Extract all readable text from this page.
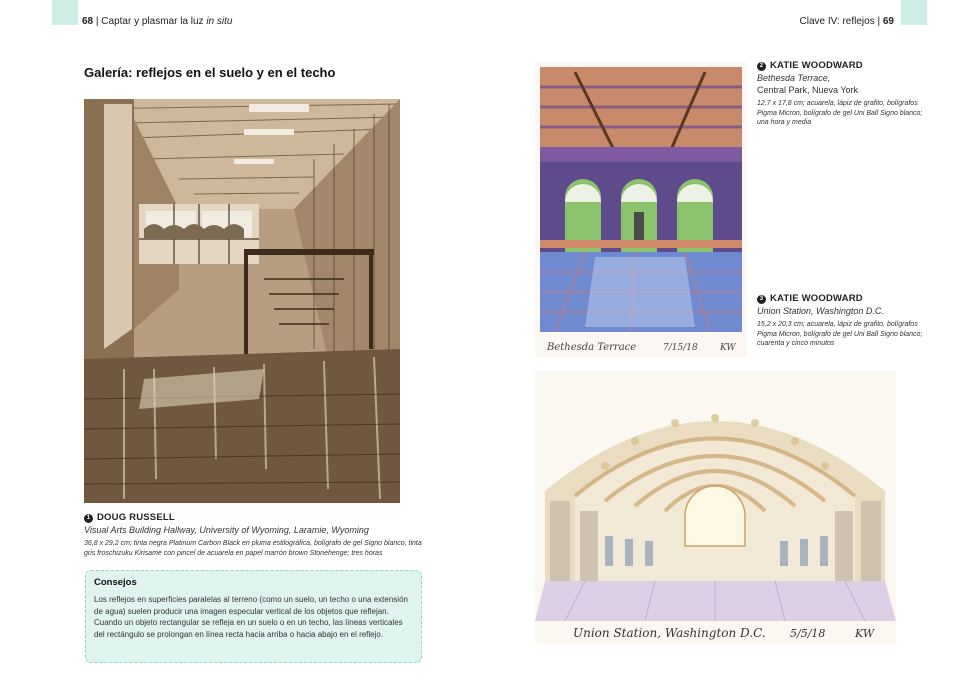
68 | Captar y plasmar la luz in situ	Clave IV: reflejos | 69
Galería: reflejos en el suelo y en el techo
1 DOUG RUSSELL
Visual Arts Building Hallway, University of Wyoming, Laramie, Wyoming
36,8 x 29,2 cm; tinta negra Platinum Carbon Black en pluma estilográfica, bolígrafo de gel Signo blanco, tinta gris froschizuku Kirisame con pincel de acuarela en papel marrón brown Stonehenge; tres horas
Consejos
Los reflejos en superficies paralelas al terreno (como un suelo, un techo o una extensión de agua) suelen producir una imagen especular vertical de los objetos que reflejan. Cuando un objeto rectangular se refleja en un suelo o en un techo, las líneas verticales del rectángulo se prolongan en línea recta hacia arriba o hacia abajo en el reflejo.
Bethesda Terrace	7/15/18 KW
2 KATIE WOODWARD
Bethesda Terrace,
Central Park, Nueva York
12,7 x 17,8 cm; acuarela, lápiz de grafito, bolígrafos Pigma Micron, bolígrafo de gel Uni Ball Signo blanco; una hora y media
3 KATIE WOODWARD
Union Station, Washington D.C.
15,2 x 20,3 cm; acuarela, lápiz de grafito, bolígrafos Pigma Micron, bolígrafo de gel Uni Ball Signo blanco; cuarenta y cinco minutos
Union Station, Washington D.C. 5/5/18	KW
